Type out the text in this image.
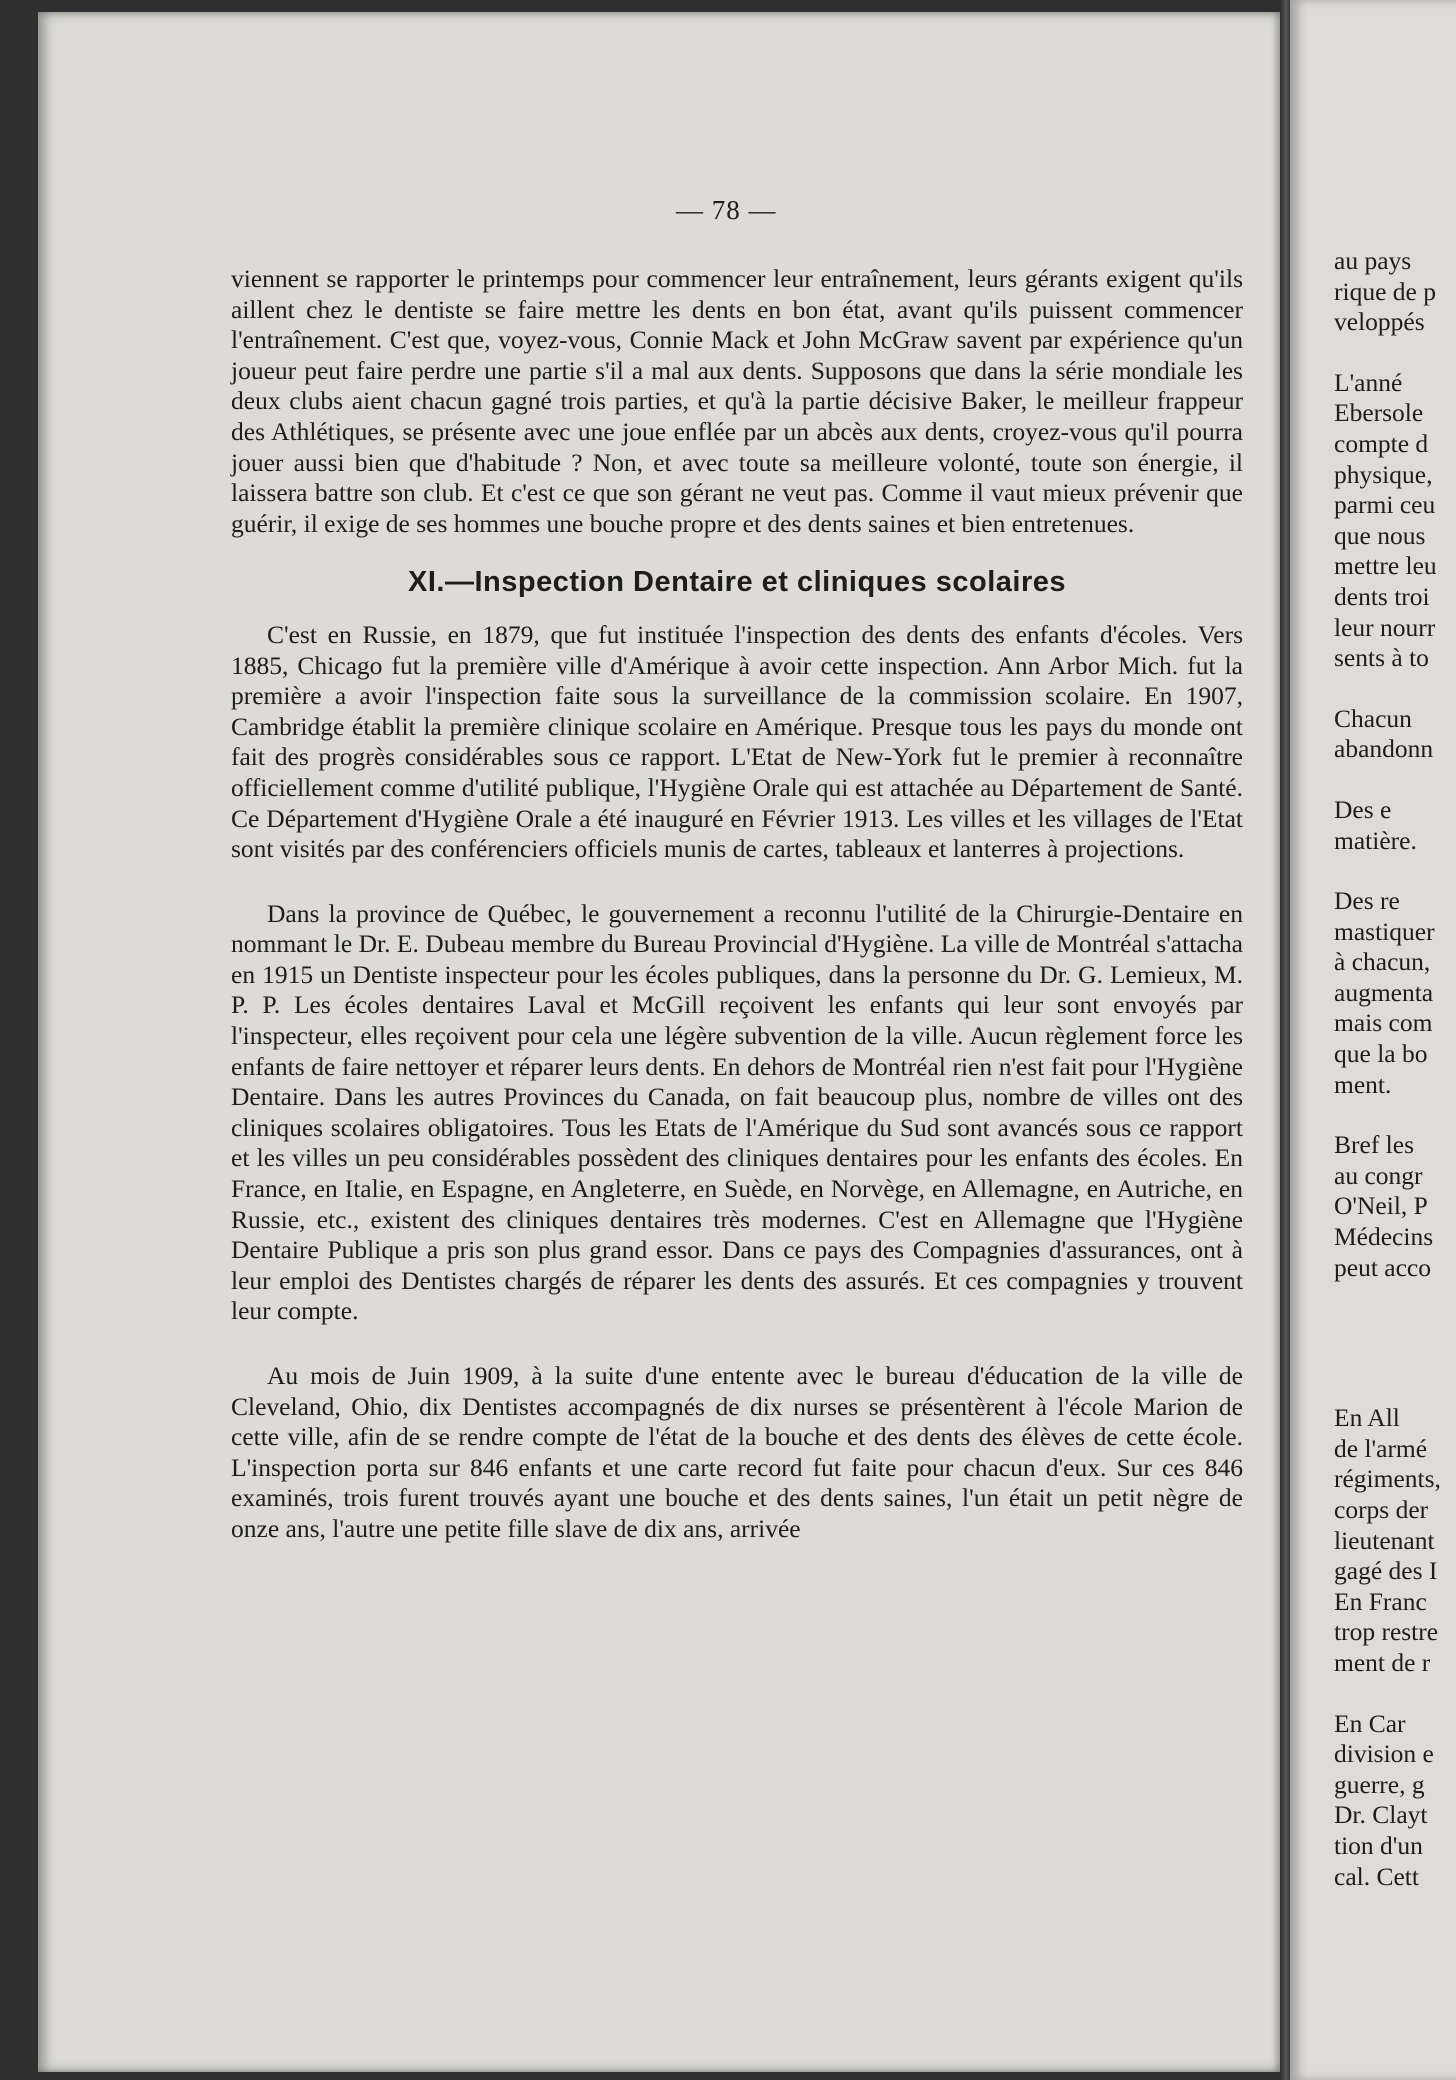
— 78 —

viennent se rapporter le printemps pour commencer leur entraînement, leurs gérants exigent qu'ils aillent chez le dentiste se faire mettre les dents en bon état, avant qu'ils puissent commencer l'entraînement. C'est que, voyez-vous, Connie Mack et John McGraw savent par expérience qu'un joueur peut faire perdre une partie s'il a mal aux dents. Supposons que dans la série mondiale les deux clubs aient chacun gagné trois parties, et qu'à la partie décisive Baker, le meilleur frappeur des Athlétiques, se présente avec une joue enflée par un abcès aux dents, croyez-vous qu'il pourra jouer aussi bien que d'habitude ? Non, et avec toute sa meilleure volonté, toute son énergie, il laissera battre son club. Et c'est ce que son gérant ne veut pas. Comme il vaut mieux prévenir que guérir, il exige de ses hommes une bouche propre et des dents saines et bien entretenues.

XI.—Inspection Dentaire et cliniques scolaires

C'est en Russie, en 1879, que fut instituée l'inspection des dents des enfants d'écoles. Vers 1885, Chicago fut la première ville d'Amérique à avoir cette inspection. Ann Arbor Mich. fut la première a avoir l'inspection faite sous la surveillance de la commission scolaire. En 1907, Cambridge établit la première clinique scolaire en Amérique. Presque tous les pays du monde ont fait des progrès considérables sous ce rapport. L'Etat de New-York fut le premier à reconnaître officiellement comme d'utilité publique, l'Hygiène Orale qui est attachée au Département de Santé. Ce Département d'Hygiène Orale a été inauguré en Février 1913. Les villes et les villages de l'Etat sont visités par des conférenciers officiels munis de cartes, tableaux et lanterres à projections.

Dans la province de Québec, le gouvernement a reconnu l'utilité de la Chirurgie-Dentaire en nommant le Dr. E. Dubeau membre du Bureau Provincial d'Hygiène. La ville de Montréal s'attacha en 1915 un Dentiste inspecteur pour les écoles publiques, dans la personne du Dr. G. Lemieux, M. P. P. Les écoles dentaires Laval et McGill reçoivent les enfants qui leur sont envoyés par l'inspecteur, elles reçoivent pour cela une légère subvention de la ville. Aucun règlement force les enfants de faire nettoyer et réparer leurs dents. En dehors de Montréal rien n'est fait pour l'Hygiène Dentaire. Dans les autres Provinces du Canada, on fait beaucoup plus, nombre de villes ont des cliniques scolaires obligatoires. Tous les Etats de l'Amérique du Sud sont avancés sous ce rapport et les villes un peu considérables possèdent des cliniques dentaires pour les enfants des écoles. En France, en Italie, en Espagne, en Angleterre, en Suède, en Norvège, en Allemagne, en Autriche, en Russie, etc., existent des cliniques dentaires très modernes. C'est en Allemagne que l'Hygiène Dentaire Publique a pris son plus grand essor. Dans ce pays des Compagnies d'assurances, ont à leur emploi des Dentistes chargés de réparer les dents des assurés. Et ces compagnies y trouvent leur compte.

Au mois de Juin 1909, à la suite d'une entente avec le bureau d'éducation de la ville de Cleveland, Ohio, dix Dentistes accompagnés de dix nurses se présentèrent à l'école Marion de cette ville, afin de se rendre compte de l'état de la bouche et des dents des élèves de cette école. L'inspection porta sur 846 enfants et une carte record fut faite pour chacun d'eux. Sur ces 846 examinés, trois furent trouvés ayant une bouche et des dents saines, l'un était un petit nègre de onze ans, l'autre une petite fille slave de dix ans, arrivée

au pays
rique de p
veloppés
L'anné
Ebersole
compte d
physique,
parmi ceu
que nous
mettre leu
dents troi
leur nourr
sents à to
Chacun
abandonn
Des e
matière.
Des re
mastiquer
à chacun,
augmenta
mais com
que la bo
ment.
Bref les
au congr
O'Neil, P
Médecins
peut acco
En All
de l'armé
régiments,
corps der
lieutenant
gagé des I
En Franc
trop restre
ment de r
En Car
division e
guerre, g
Dr. Clayt
tion d'un
cal. Cett
